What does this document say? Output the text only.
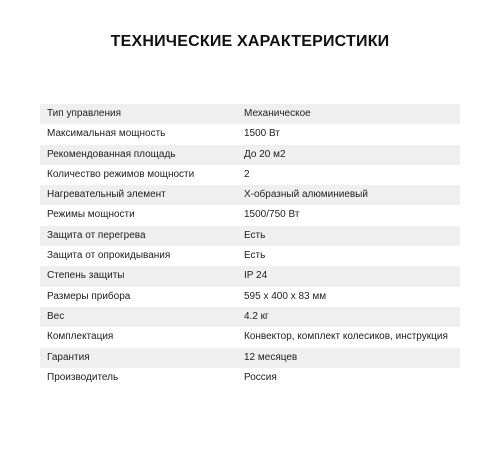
ТЕХНИЧЕСКИЕ ХАРАКТЕРИСТИКИ
Тип управления	Механическое
Максимальная мощность	1500 Вт
Рекомендованная площадь	До 20 м2
Количество режимов мощности	2
Нагревательный элемент	X-образный алюминиевый
Режимы мощности	1500/750 Вт
Защита от перегрева	Есть
Защита от опрокидывания	Есть
Степень защиты	IP 24
Размеры прибора	595 x 400 x 83 мм
Вес	4.2 кг
Комплектация	Конвектор, комплект колесиков, инструкция
Гарантия	12 месяцев
Производитель	Россия
